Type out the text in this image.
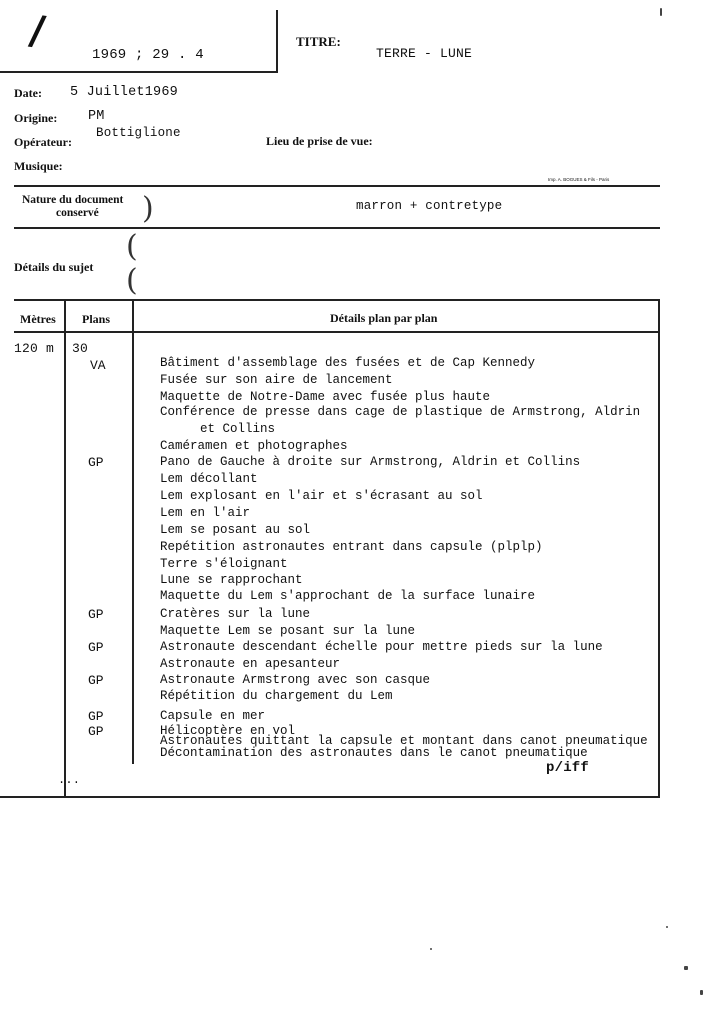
/
1969 ; 29 . 4
TITRE:
TERRE - LUNE
Date: 5 Juillet1969
Origine: PM
Opérateur:
Bottiglione
Lieu de prise de vue:
Musique:
Imp. A. BOGUES & Fils - Paris
Nature du document
conservé )	marron + contretype
(
(
Détails du sujet
Mètres Plans	Détails plan par plan
120 m 30
VA
GP
GP
GP
GP
GP
GP
Bâtiment d'assemblage des fusées et de Cap Kennedy
Fusée sur son aire de lancement
Maquette de Notre-Dame avec fusée plus haute
Conférence de presse dans cage de plastique de Armstrong, Aldrin
et Collins
Caméramen et photographes
Pano de Gauche à droite sur Armstrong, Aldrin et Collins
Lem décollant
Lem explosant en l'air et s'écrasant au sol
Lem en l'air
Lem se posant au sol
Repétition astronautes entrant dans capsule (plplp)
Terre s'éloignant
Lune se rapprochant
Maquette du Lem s'approchant de la surface lunaire
Cratères sur la lune
Maquette Lem se posant sur la lune
Astronaute descendant échelle pour mettre pieds sur la lune
Astronaute en apesanteur
Astronaute Armstrong avec son casque
Répétition du chargement du Lem
Capsule en mer
Hélicoptère en vol
Astronautes quittant la capsule et montant dans canot pneumatique
Décontamination des astronautes dans le canot pneumatique
p/iff
...
